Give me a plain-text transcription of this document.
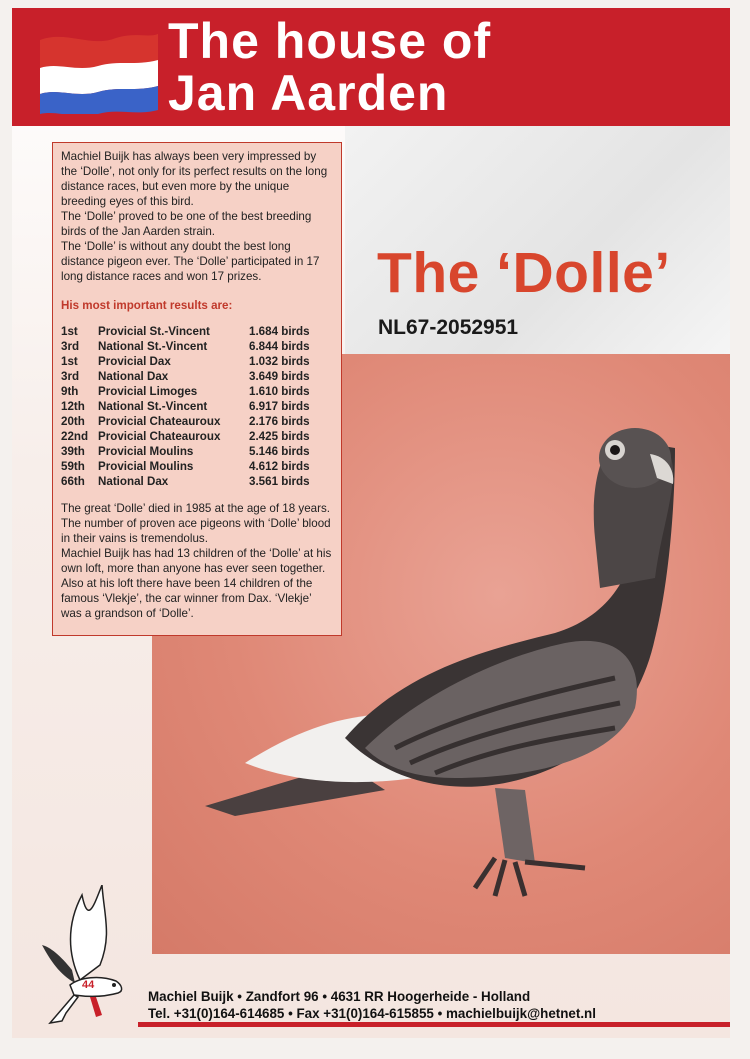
The house of
Jan Aarden
The ‘Dolle’
NL67-2052951

Machiel Buijk has always been very impressed by the ‘Dolle’, not only for its perfect results on the long distance races, but even more by the unique breeding eyes of this bird.

The ‘Dolle’ proved to be one of the best breeding birds of the Jan Aarden strain.

The ‘Dolle’ is without any doubt the best long distance pigeon ever. The ‘Dolle’ participated in 17 long distance races and won 17 prizes.

His most important results are:

1st	Provicial St.-Vincent	1.684 birds
3rd	National St.-Vincent	6.844 birds
1st	Provicial Dax	1.032 birds
3rd	National Dax	3.649 birds
9th	Provicial Limoges	1.610 birds
12th	National St.-Vincent	6.917 birds
20th	Provicial Chateauroux	2.176 birds
22nd	Provicial Chateauroux	2.425 birds
39th	Provicial Moulins	5.146 birds
59th	Provicial Moulins	4.612 birds
66th	National Dax	3.561 birds

The great ‘Dolle’ died in 1985 at the age of 18 years. The number of proven ace pigeons with ‘Dolle’ blood in their vains is tremendolus.

Machiel Buijk has had 13 children of the ‘Dolle’ at his own loft, more than anyone has ever seen together. Also at his loft there have been 14 children of the famous ‘Vlekje’, the car winner from Dax. ‘Vlekje’ was a grandson of ‘Dolle’.

44
Machiel Buijk • Zandfort 96 • 4631 RR Hoogerheide - Holland
Tel. +31(0)164-614685 • Fax +31(0)164-615855 • machielbuijk@hetnet.nl
